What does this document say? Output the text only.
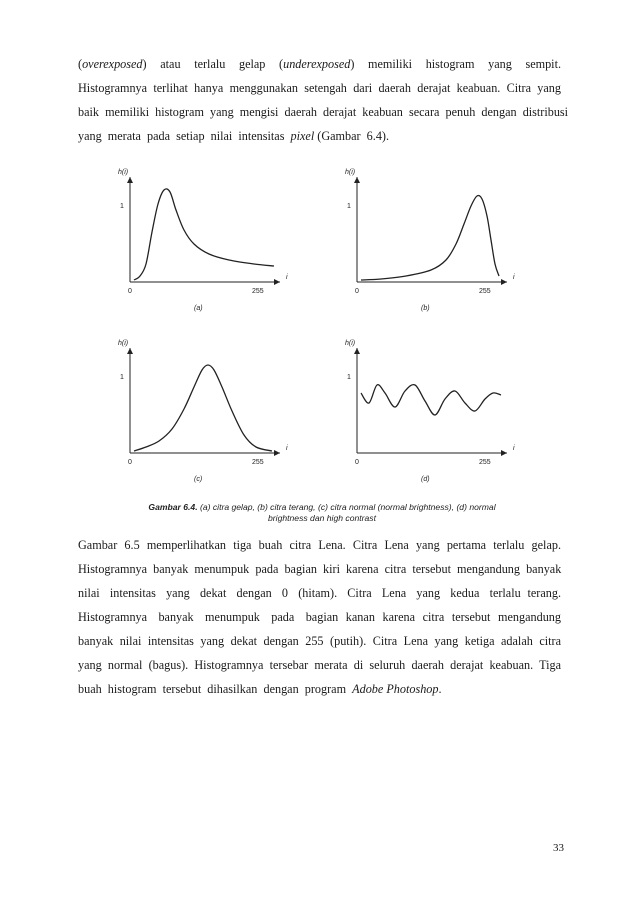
(overexposed)   atau   terlalu   gelap   (underexposed)   memiliki   histogram   yang   sempit.
Histogramnya  terlihat  hanya  menggunakan  setengah  dari  daerah  derajat  keabuan.  Citra  yang
baik  memiliki  histogram  yang  mengisi  daerah  derajat  keabuan  secara  penuh  dengan  distribusi
yang  merata  pada  setiap  nilai  intensitas  pixel (Gambar  6.4).
h(i)
1
0	255
i
(a)
h(i)
1
0	255
i
(b)
h(i)
1
0	255
i
(c)
h(i)
1
0	255
i
(d)
Gambar 6.4. (a) citra gelap, (b) citra terang, (c) citra normal (normal brightness), (d) normal
brightness dan high contrast
Gambar  6.5  memperlihatkan  tiga  buah  citra  Lena.  Citra  Lena  yang  pertama  terlalu  gelap.
Histogramnya  banyak  menumpuk  pada  bagian  kiri  karena  citra  tersebut  mengandung  banyak
nilai   intensitas   yang   dekat   dengan   0   (hitam).   Citra   Lena   yang   kedua   terlalu  terang.
Histogramnya   banyak   menumpuk   pada   bagian  kanan  karena  citra  tersebut  mengandung
banyak  nilai  intensitas  yang  dekat  dengan  255  (putih).  Citra  Lena  yang  ketiga  adalah  citra
yang  normal  (bagus).  Histogramnya  tersebar  merata  di  seluruh  daerah  derajat  keabuan.  Tiga
buah  histogram  tersebut  dihasilkan  dengan  program  Adobe Photoshop.
33
